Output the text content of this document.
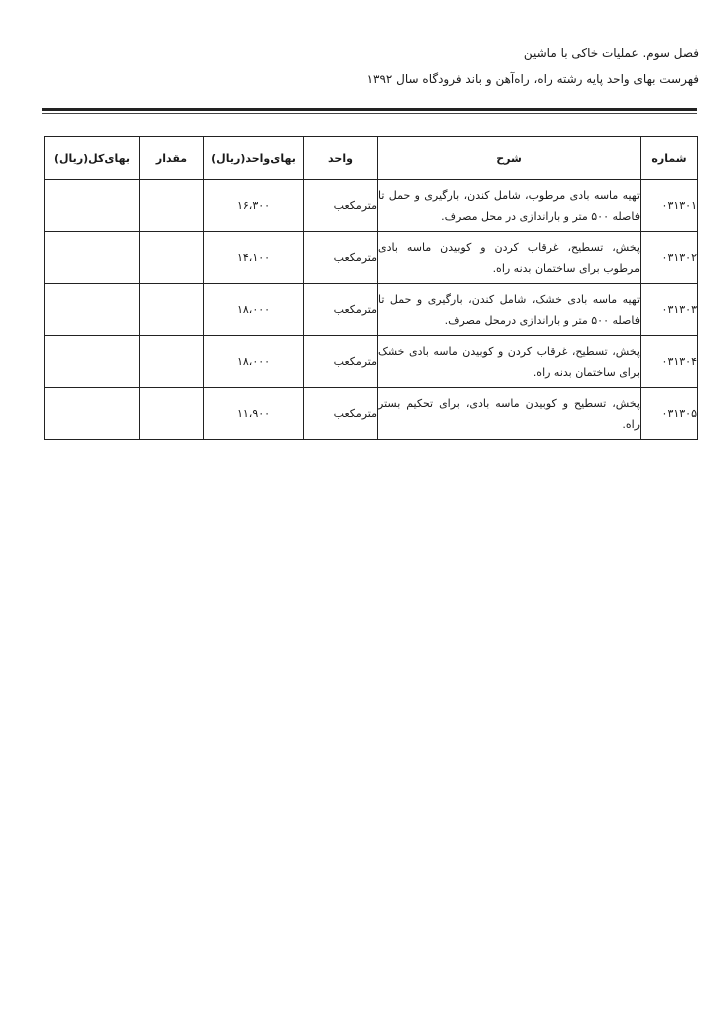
فصل سوم. عملیات خاکی با ماشین
فهرست بهای واحد پایه رشته راه، راه‌آهن و باند فرودگاه سال ۱۳۹۲
شماره	شرح	واحد	بهای‌واحد(ریال)	مقدار	بهای‌کل(ریال)
۰۳۱۳۰۱	تهیه ماسه بادی مرطوب، شامل کندن، بارگیری و حمل تا فاصله ۵۰۰ متر و باراندازی در محل مصرف.	مترمکعب	۱۶،۳۰۰		
۰۳۱۳۰۲	پخش، تسطیح، غرقاب کردن و کوبیدن ماسه بادی مرطوب برای ساختمان بدنه راه.	مترمکعب	۱۴،۱۰۰		
۰۳۱۳۰۳	تهیه ماسه بادی خشک، شامل کندن، بارگیری و حمل تا فاصله ۵۰۰ متر و باراندازی درمحل مصرف.	مترمکعب	۱۸،۰۰۰		
۰۳۱۳۰۴	پخش، تسطیح، غرقاب کردن و کوبیدن ماسه بادی خشک برای ساختمان بدنه راه.	مترمکعب	۱۸،۰۰۰		
۰۳۱۳۰۵	پخش، تسطیح و کوبیدن ماسه بادی، برای تحکیم بستر راه.	مترمکعب	۱۱،۹۰۰		
